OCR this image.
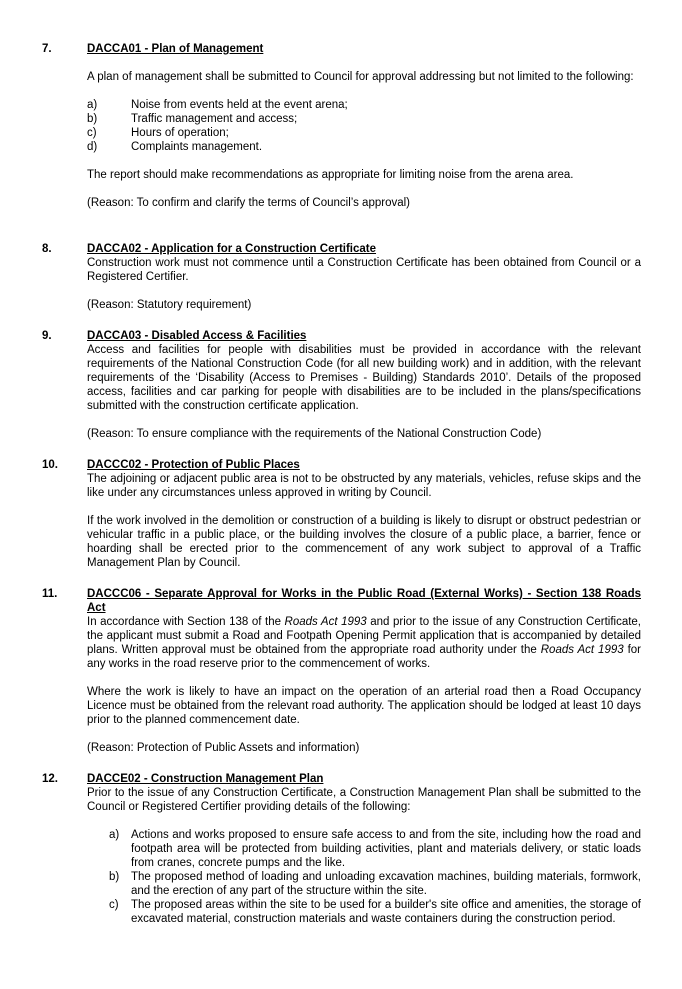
7.	DACCA01 - Plan of Management

A plan of management shall be submitted to Council for approval addressing but not limited to the following:

a)	Noise from events held at the event arena;
b)	Traffic management and access;
c)	Hours of operation;
d)	Complaints management.

The report should make recommendations as appropriate for limiting noise from the arena area.

(Reason: To confirm and clarify the terms of Council’s approval)

8.	DACCA02 - Application for a Construction Certificate

Construction work must not commence until a Construction Certificate has been obtained from Council or a Registered Certifier.

(Reason: Statutory requirement)

9.	DACCA03 - Disabled Access & Facilities

Access and facilities for people with disabilities must be provided in accordance with the relevant requirements of the National Construction Code (for all new building work) and in addition, with the relevant requirements of the ‘Disability (Access to Premises - Building) Standards 2010’. Details of the proposed access, facilities and car parking for people with disabilities are to be included in the plans/specifications submitted with the construction certificate application.

(Reason: To ensure compliance with the requirements of the National Construction Code)

10.	DACCC02 - Protection of Public Places

The adjoining or adjacent public area is not to be obstructed by any materials, vehicles, refuse skips and the like under any circumstances unless approved in writing by Council.

If the work involved in the demolition or construction of a building is likely to disrupt or obstruct pedestrian or vehicular traffic in a public place, or the building involves the closure of a public place, a barrier, fence or hoarding shall be erected prior to the commencement of any work subject to approval of a Traffic Management Plan by Council.

11.	DACCC06 - Separate Approval for Works in the Public Road (External Works) - Section 138 Roads Act

In accordance with Section 138 of the Roads Act 1993 and prior to the issue of any Construction Certificate, the applicant must submit a Road and Footpath Opening Permit application that is accompanied by detailed plans. Written approval must be obtained from the appropriate road authority under the Roads Act 1993 for any works in the road reserve prior to the commencement of works.

Where the work is likely to have an impact on the operation of an arterial road then a Road Occupancy Licence must be obtained from the relevant road authority. The application should be lodged at least 10 days prior to the planned commencement date.

(Reason: Protection of Public Assets and information)

12.	DACCE02 - Construction Management Plan

Prior to the issue of any Construction Certificate, a Construction Management Plan shall be submitted to the Council or Registered Certifier providing details of the following:

a) Actions and works proposed to ensure safe access to and from the site, including how the road and footpath area will be protected from building activities, plant and materials delivery, or static loads from cranes, concrete pumps and the like.
b) The proposed method of loading and unloading excavation machines, building materials, formwork, and the erection of any part of the structure within the site.
c) The proposed areas within the site to be used for a builder's site office and amenities, the storage of excavated material, construction materials and waste containers during the construction period.
